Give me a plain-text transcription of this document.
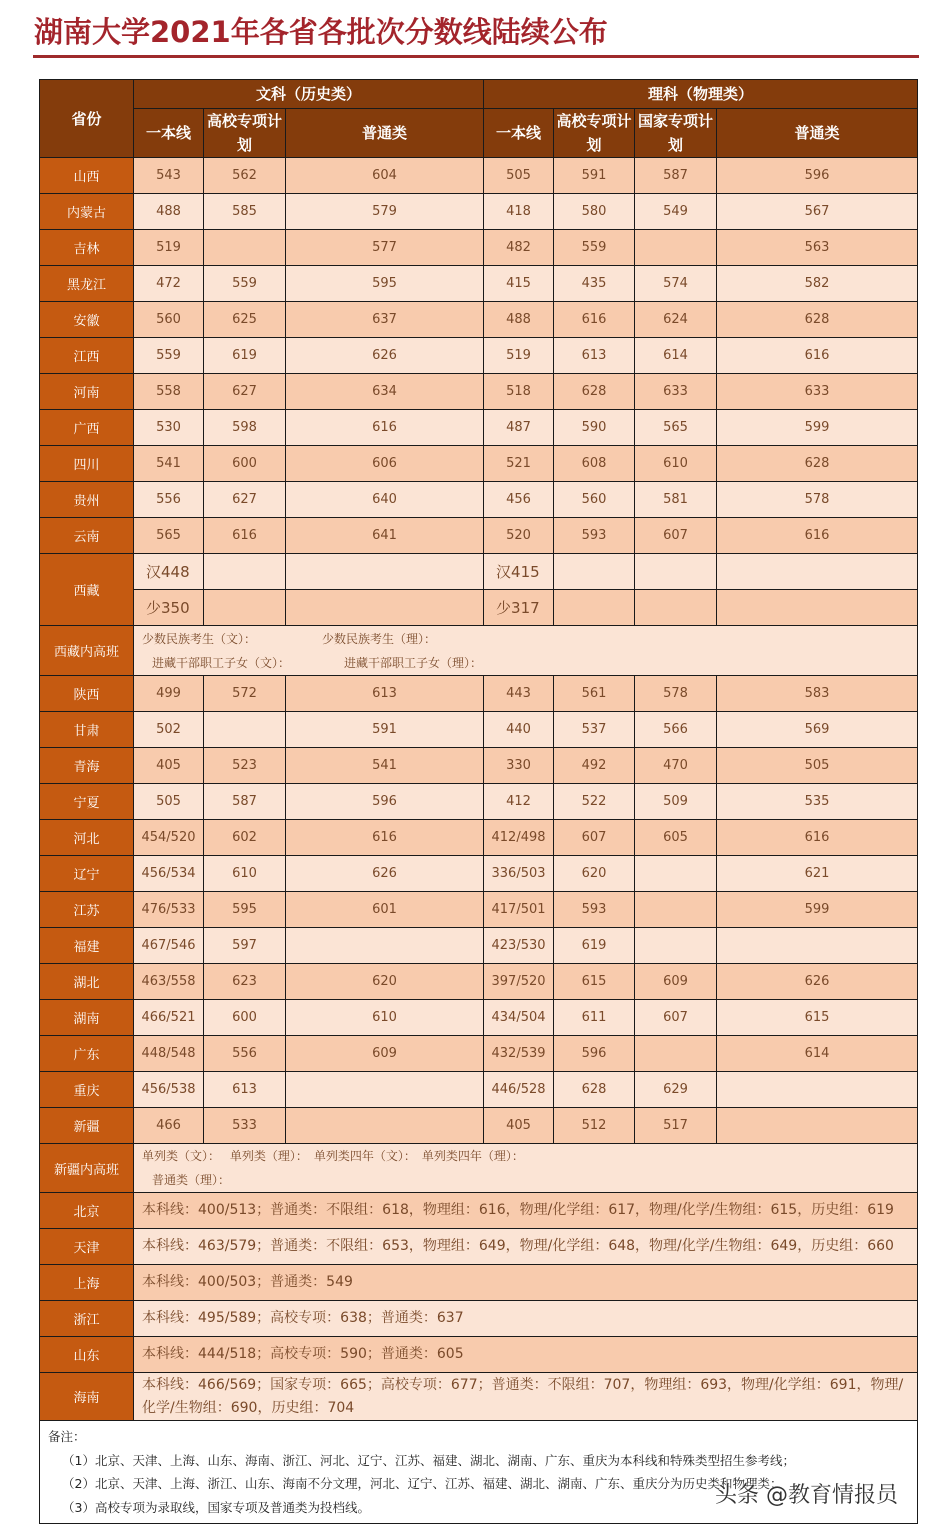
湖南大学2021年各省各批次分数线陆续公布
省份	文科（历史类）			理科（物理类）			
	一本线	高校专项计划	普通类	一本线	高校专项计划	国家专项计划	普通类
山西	543	562	604	505	591	587	596
内蒙古	488	585	579	418	580	549	567
吉林	519		577	482	559		563
黑龙江	472	559	595	415	435	574	582
安徽	560	625	637	488	616	624	628
江西	559	619	626	519	613	614	616
河南	558	627	634	518	628	633	633
广西	530	598	616	487	590	565	599
四川	541	600	606	521	608	610	628
贵州	556	627	640	456	560	581	578
云南	565	616	641	520	593	607	616
西藏	汉448			汉415			
	少350			少317			
西藏内高班	少数民族考生（文）：　　　　　　少数民族考生（理）：
进藏干部职工子女（文）：　　　　　进藏干部职工子女（理）：						

陕西	499	572	613	443	561	578	583
甘肃	502		591	440	537	566	569
青海	405	523	541	330	492	470	505
宁夏	505	587	596	412	522	509	535
河北	454/520	602	616	412/498	607	605	616
辽宁	456/534	610	626	336/503	620		621
江苏	476/533	595	601	417/501	593		599
福建	467/546	597		423/530	619		
湖北	463/558	623	620	397/520	615	609	626
湖南	466/521	600	610	434/504	611	607	615
广东	448/548	556	609	432/539	596		614
重庆	456/538	613		446/528	628	629	
新疆	466	533		405	512	517	
新疆内高班	单列类（文）：　 单列类（理）：　单列类四年（文）：　单列类四年（理）：
普通类（理）：						

北京	本科线：400/513；普通类：不限组：618，物理组：616，物理/化学组：617，物理/化学/生物组：615，历史组：619						
天津	本科线：463/579；普通类：不限组：653，物理组：649，物理/化学组：648，物理/化学/生物组：649，历史组：660						
上海	本科线：400/503；普通类：549						
浙江	本科线：495/589；高校专项：638；普通类：637						
山东	本科线：444/518；高校专项：590；普通类：605						
海南	本科线：466/569；国家专项：665；高校专项：677；普通类：不限组：707，物理组：693，物理/化学组：691，物理/化学/生物组：690，历史组：704						

备注：
（1）北京、天津、上海、山东、海南、浙江、河北、辽宁、江苏、福建、湖北、湖南、广东、重庆为本科线和特殊类型招生参考线；
（2）北京、天津、上海、浙江、山东、海南不分文理，河北、辽宁、江苏、福建、湖北、湖南、广东、重庆分为历史类和物理类；
（3）高校专项为录取线，国家专项及普通类为投档线。								头条 @教育情报员
